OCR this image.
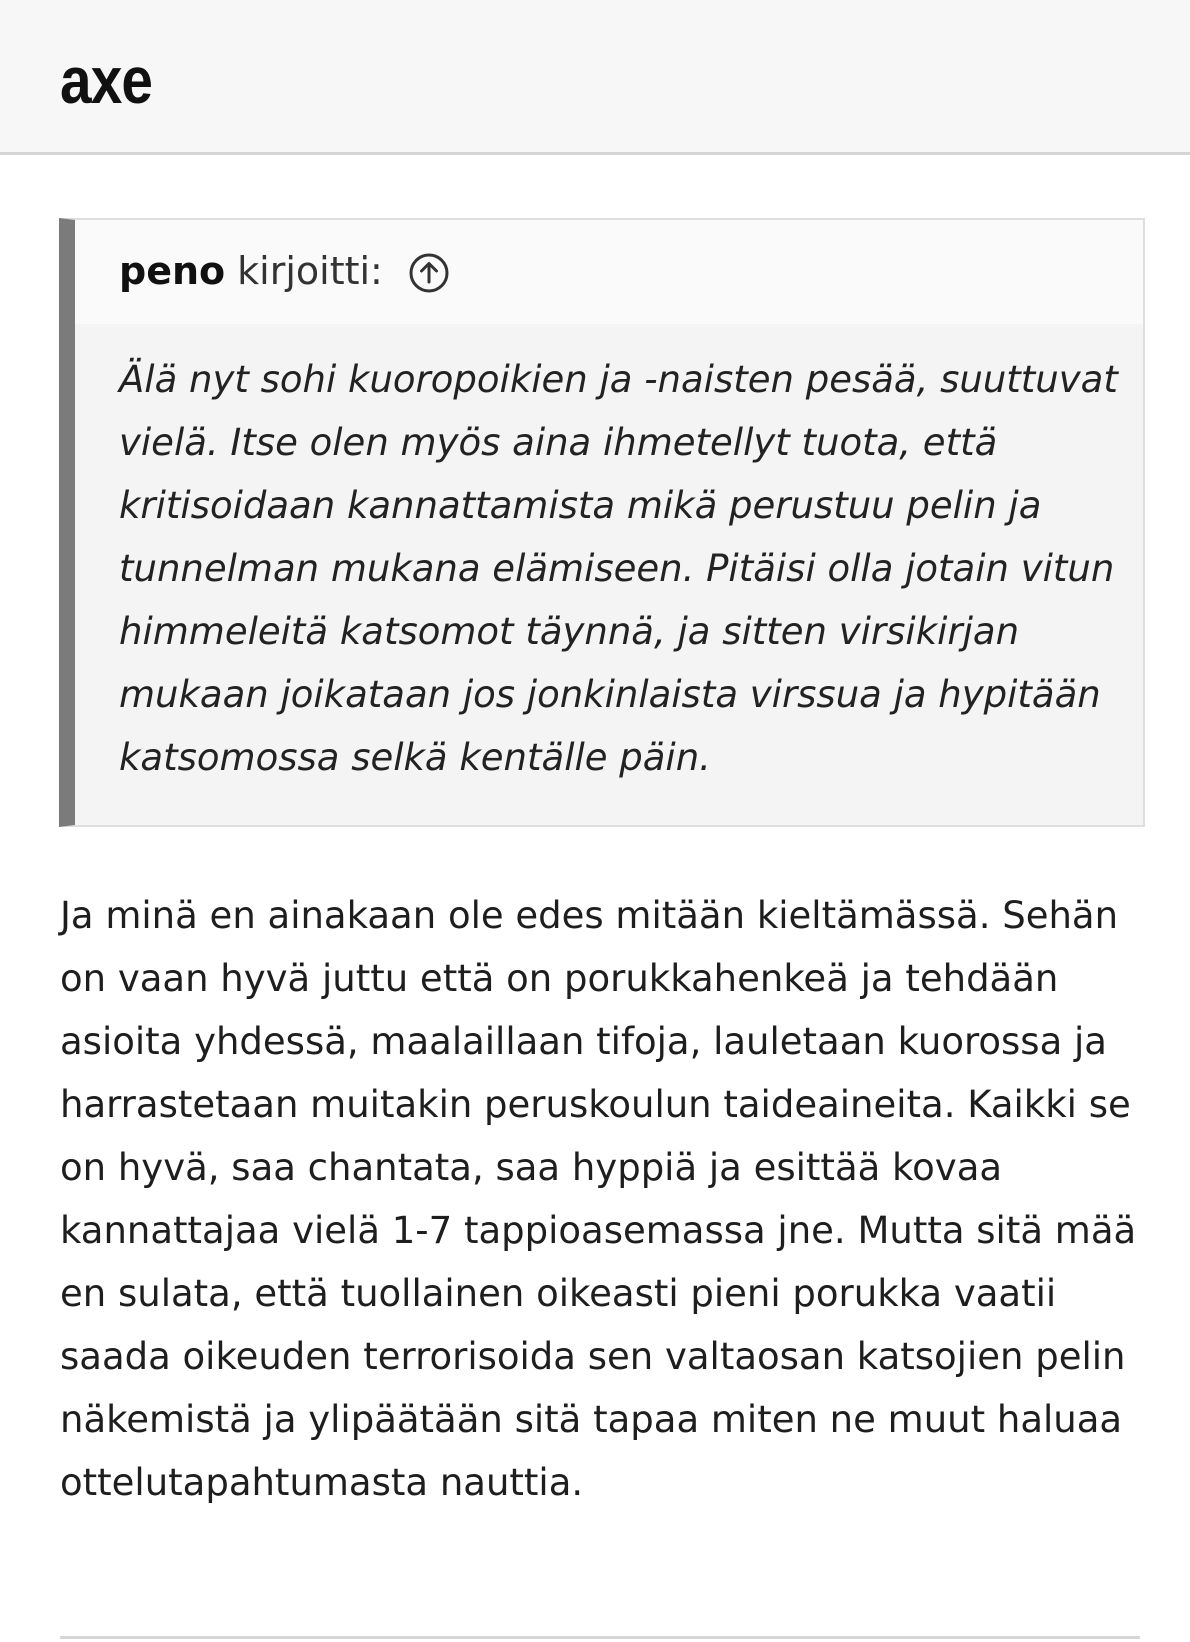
axe
peno kirjoitti:

Älä nyt sohi kuoropoikien ja -naisten pesää, suuttuvat vielä. Itse olen myös aina ihmetellyt tuota, että kritisoidaan kannattamista mikä perustuu pelin ja tunnelman mukana elämiseen. Pitäisi olla jotain vitun himmeleitä katsomot täynnä, ja sitten virsikirjan mukaan joikataan jos jonkinlaista virssua ja hypitään katsomossa selkä kentälle päin.

Ja minä en ainakaan ole edes mitään kieltämässä. Sehän on vaan hyvä juttu että on porukkahenkeä ja tehdään asioita yhdessä, maalaillaan tifoja, lauletaan kuorossa ja harrastetaan muitakin peruskoulun taideaineita. Kaikki se on hyvä, saa chantata, saa hyppiä ja esittää kovaa kannattajaa vielä 1-7 tappioasemassa jne. Mutta sitä mää en sulata, että tuollainen oikeasti pieni porukka vaatii saada oikeuden terrorisoida sen valtaosan katsojien pelin näkemistä ja ylipäätään sitä tapaa miten ne muut haluaa ottelutapahtumasta nauttia.
